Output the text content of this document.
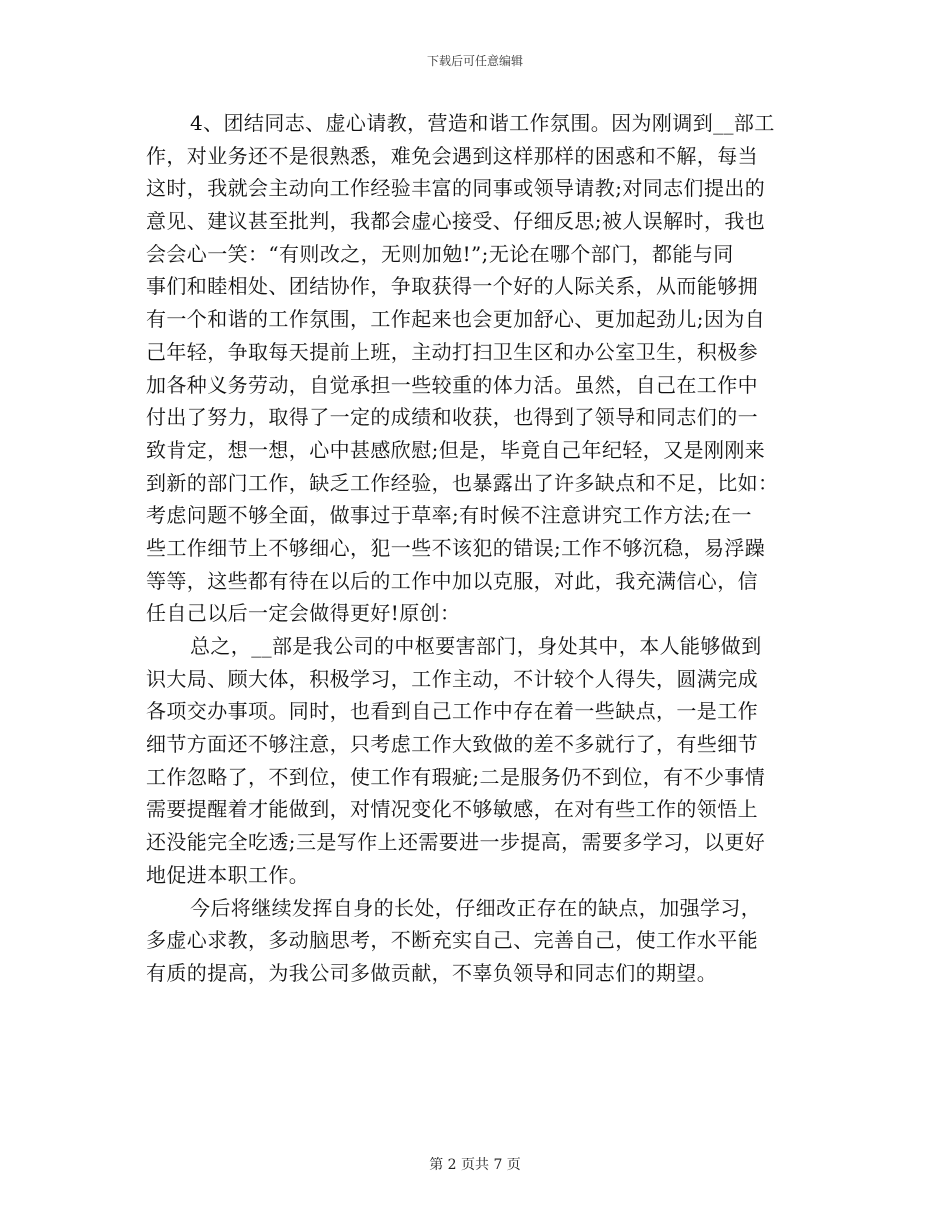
下载后可任意编辑
4、团结同志、虚心请教，营造和谐工作氛围。因为刚调到__部工
作，对业务还不是很熟悉，难免会遇到这样那样的困惑和不解，每当
这时，我就会主动向工作经验丰富的同事或领导请教;对同志们提出的
意见、建议甚至批判，我都会虚心接受、仔细反思;被人误解时，我也
会会心一笑：“有则改之，无则加勉!”;无论在哪个部门，都能与同
事们和睦相处、团结协作，争取获得一个好的人际关系，从而能够拥
有一个和谐的工作氛围，工作起来也会更加舒心、更加起劲儿;因为自
己年轻，争取每天提前上班，主动打扫卫生区和办公室卫生，积极参
加各种义务劳动，自觉承担一些较重的体力活。虽然，自己在工作中
付出了努力，取得了一定的成绩和收获，也得到了领导和同志们的一
致肯定，想一想，心中甚感欣慰;但是，毕竟自己年纪轻，又是刚刚来
到新的部门工作，缺乏工作经验，也暴露出了许多缺点和不足，比如：
考虑问题不够全面，做事过于草率;有时候不注意讲究工作方法;在一
些工作细节上不够细心，犯一些不该犯的错误;工作不够沉稳，易浮躁
等等，这些都有待在以后的工作中加以克服，对此，我充满信心，信
任自己以后一定会做得更好!原创：
总之，__部是我公司的中枢要害部门，身处其中，本人能够做到
识大局、顾大体，积极学习，工作主动，不计较个人得失，圆满完成
各项交办事项。同时，也看到自己工作中存在着一些缺点，一是工作
细节方面还不够注意，只考虑工作大致做的差不多就行了，有些细节
工作忽略了，不到位，使工作有瑕疵;二是服务仍不到位，有不少事情
需要提醒着才能做到，对情况变化不够敏感，在对有些工作的领悟上
还没能完全吃透;三是写作上还需要进一步提高，需要多学习，以更好
地促进本职工作。
今后将继续发挥自身的长处，仔细改正存在的缺点，加强学习，
多虚心求教，多动脑思考，不断充实自己、完善自己，使工作水平能
有质的提高，为我公司多做贡献，不辜负领导和同志们的期望。
第 2 页共 7 页
